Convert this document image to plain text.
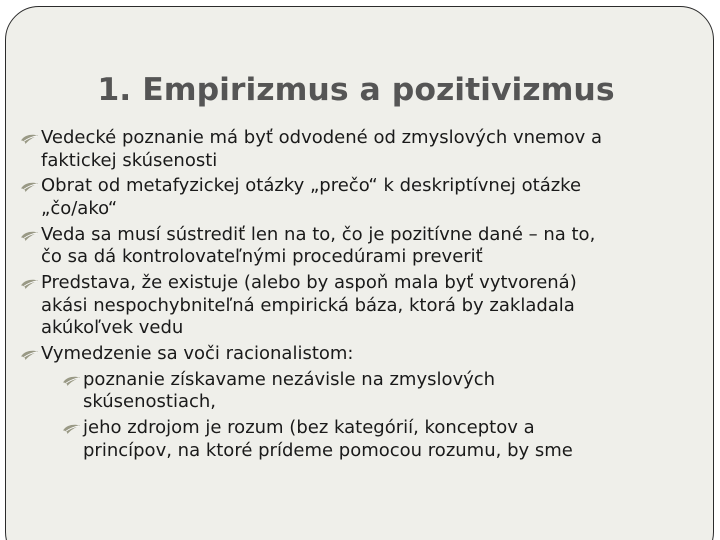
1. Empirizmus a pozitivizmus
Vedecké poznanie má byť odvodené od zmyslových vnemov a
faktickej skúsenosti
Obrat od metafyzickej otázky „prečo“ k deskriptívnej otázke
„čo/ako“
Veda sa musí sústrediť len na to, čo je pozitívne dané – na to,
čo sa dá kontrolovateľnými procedúrami preveriť
Predstava, že existuje (alebo by aspoň mala byť vytvorená)
akási nespochybniteľná empirická báza, ktorá by zakladala
akúkoľvek vedu
Vymedzenie sa voči racionalistom:
poznanie získavame nezávisle na zmyslových
skúsenostiach,
jeho zdrojom je rozum (bez kategórií, konceptov a
princípov, na ktoré prídeme pomocou rozumu, by sme
